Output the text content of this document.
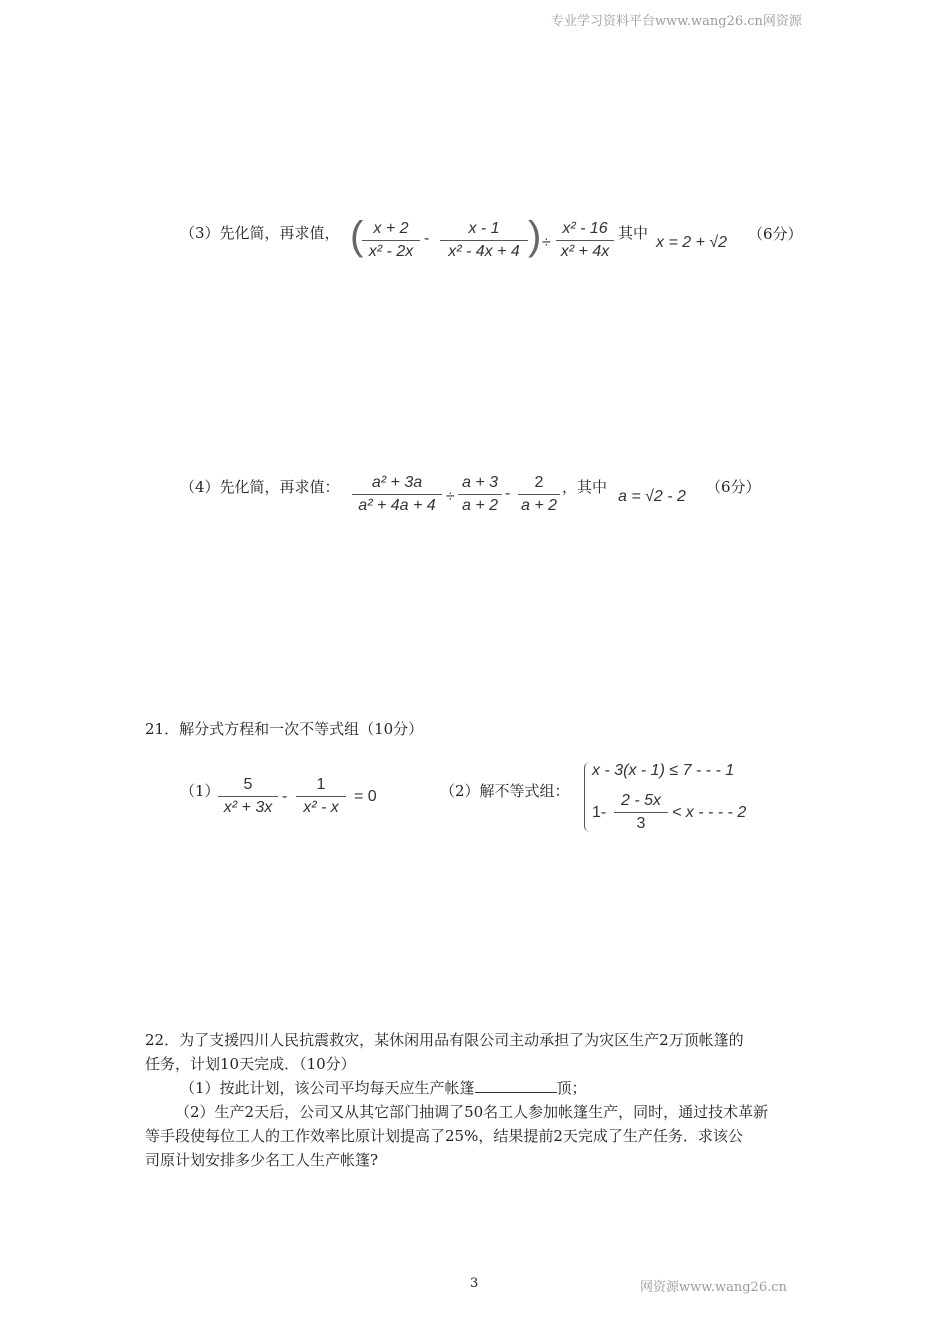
专业学习资料平台www.wang26.cn网资源
（3）先化简，再求值， ( x + 2
x² - 2x
-
x - 1
x² - 4x + 4 ) ÷
x² - 16
x² + 4x
其中
x = 2 + √2 （6分）
（4）先化简，再求值：	a² + 3a
a² + 4a + 4
÷
a + 3
a + 2
-
2
a + 2
，其中
a = √2 - 2
（6分）
21．解分式方程和一次不等式组（10分）
（1）	5
x² + 3x
-
1
x² - x
= 0	（2）解不等式组：
x - 3(x - 1) ≤ 7 - - - 1
1-
2 - 5x
3
< x - - - - 2
22．为了支援四川人民抗震救灾，某休闲用品有限公司主动承担了为灾区生产2万顶帐篷的
任务，计划10天完成．（10分）
（1）按此计划，该公司平均每天应生产帐篷	顶；
（2）生产2天后，公司又从其它部门抽调了50名工人参加帐篷生产，同时，通过技术革新
等手段使每位工人的工作效率比原计划提高了25%，结果提前2天完成了生产任务．求该公
司原计划安排多少名工人生产帐篷?
3	网资源www.wang26.cn
